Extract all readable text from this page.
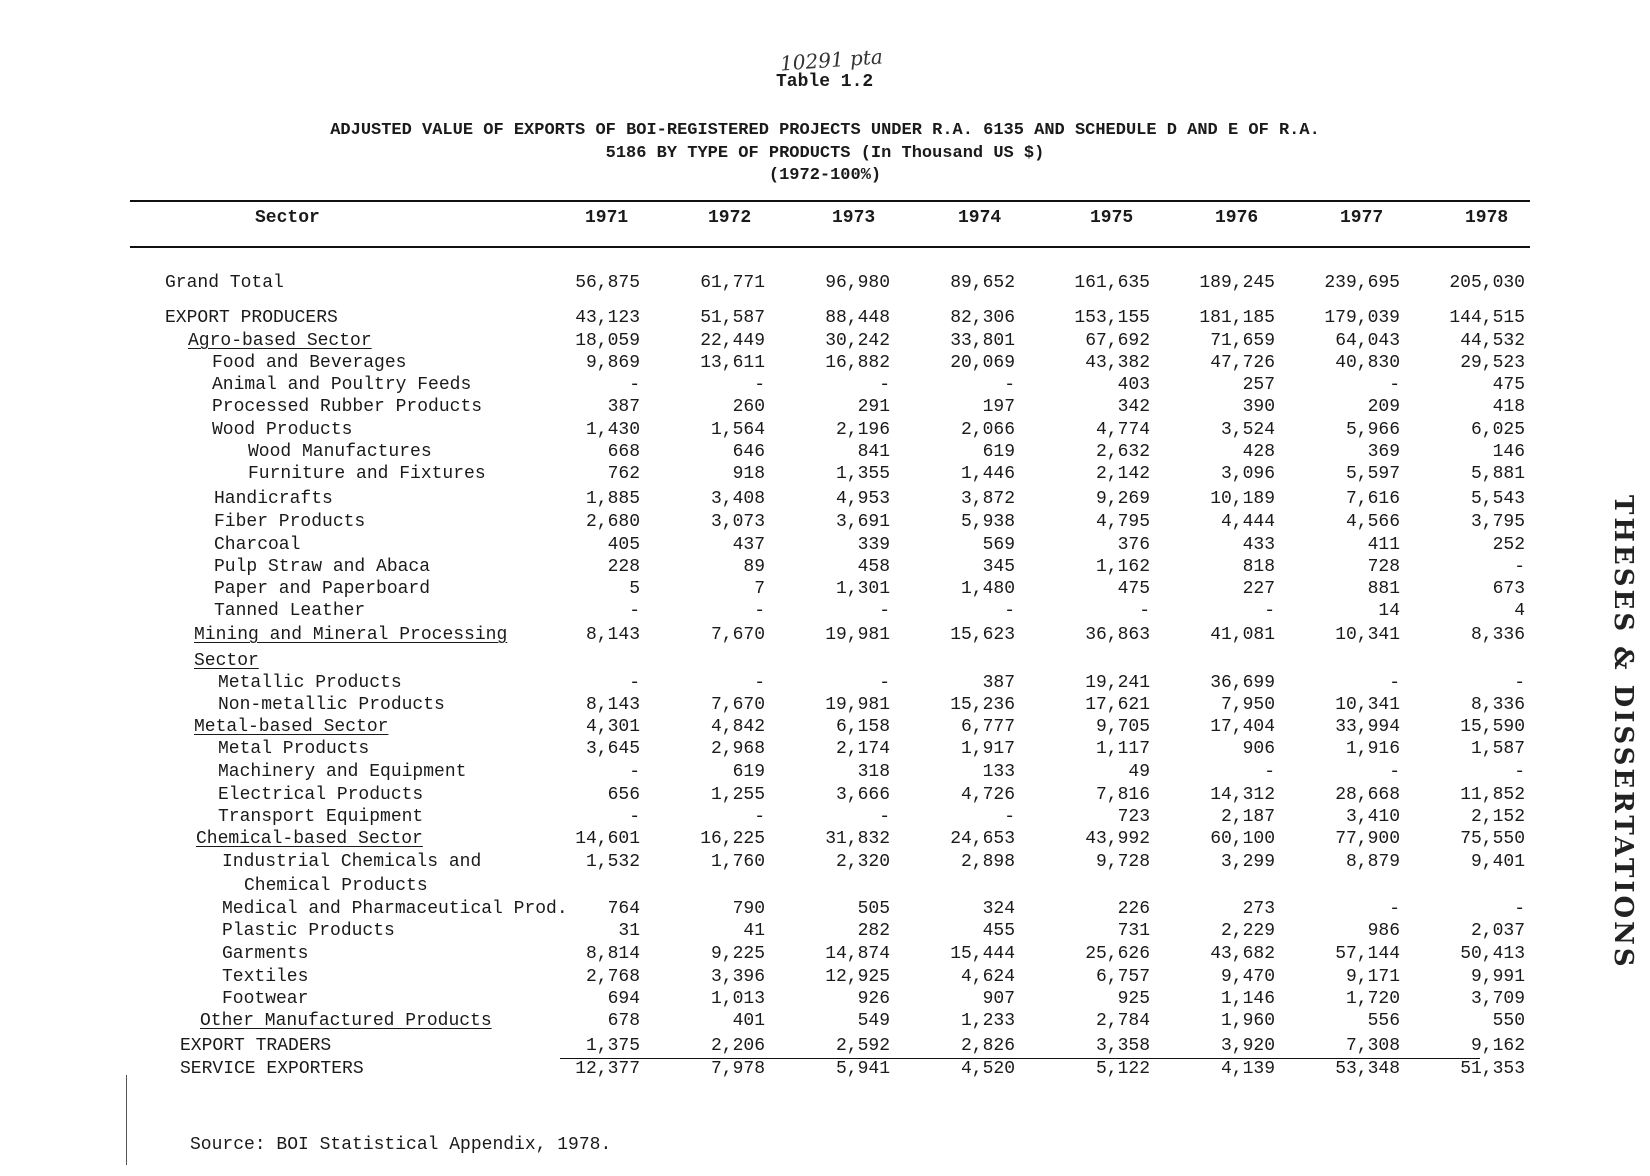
10291 pta
Table 1.2
ADJUSTED VALUE OF EXPORTS OF BOI-REGISTERED PROJECTS UNDER R.A. 6135 AND SCHEDULE D AND E OF R.A.
5186 BY TYPE OF PRODUCTS (In Thousand US $)
(1972-100%)
Sector	1971	1972	1973	1974	1975	1976	1977	1978
Grand Total	56,875	61,771	96,980	89,652	161,635	189,245	239,695	205,030
EXPORT PRODUCERS	43,123	51,587	88,448	82,306	153,155	181,185	179,039	144,515
Agro-based Sector	18,059	22,449	30,242	33,801	67,692	71,659	64,043	44,532
Food and Beverages	9,869	13,611	16,882	20,069	43,382	47,726	40,830	29,523
Animal and Poultry Feeds	-	-	-	-	403	257	-	475
Processed Rubber Products	387	260	291	197	342	390	209	418
Wood Products	1,430	1,564	2,196	2,066	4,774	3,524	5,966	6,025
Wood Manufactures	668	646	841	619	2,632	428	369	146
Furniture and Fixtures	762	918	1,355	1,446	2,142	3,096	5,597	5,881
Handicrafts	1,885	3,408	4,953	3,872	9,269	10,189	7,616	5,543
Fiber Products	2,680	3,073	3,691	5,938	4,795	4,444	4,566	3,795
Charcoal	405	437	339	569	376	433	411	252
Pulp Straw and Abaca	228	89	458	345	1,162	818	728	-
Paper and Paperboard	5	7	1,301	1,480	475	227	881	673
Tanned Leather	-	-	-	-	-	-	14	4
Mining and Mineral Processing	8,143	7,670	19,981	15,623	36,863	41,081	10,341	8,336
Sector
Metallic Products	-	-	-	387	19,241	36,699	-	-
Non-metallic Products	8,143	7,670	19,981	15,236	17,621	7,950	10,341	8,336
Metal-based Sector	4,301	4,842	6,158	6,777	9,705	17,404	33,994	15,590
Metal Products	3,645	2,968	2,174	1,917	1,117	906	1,916	1,587
Machinery and Equipment	-	619	318	133	49	-	-	-
Electrical Products	656	1,255	3,666	4,726	7,816	14,312	28,668	11,852
Transport Equipment	-	-	-	-	723	2,187	3,410	2,152
Chemical-based Sector	14,601	16,225	31,832	24,653	43,992	60,100	77,900	75,550
Industrial Chemicals and	1,532	1,760	2,320	2,898	9,728	3,299	8,879	9,401
Chemical Products
Medical and Pharmaceutical Prod.	764	790	505	324	226	273	-	-
Plastic Products	31	41	282	455	731	2,229	986	2,037
Garments	8,814	9,225	14,874	15,444	25,626	43,682	57,144	50,413
Textiles	2,768	3,396	12,925	4,624	6,757	9,470	9,171	9,991
Footwear	694	1,013	926	907	925	1,146	1,720	3,709
Other Manufactured Products	678	401	549	1,233	2,784	1,960	556	550
EXPORT TRADERS	1,375	2,206	2,592	2,826	3,358	3,920	7,308	9,162
SERVICE EXPORTERS	12,377	7,978	5,941	4,520	5,122	4,139	53,348	51,353
THESES & DISSERTATIONS
Source: BOI Statistical Appendix, 1978.
